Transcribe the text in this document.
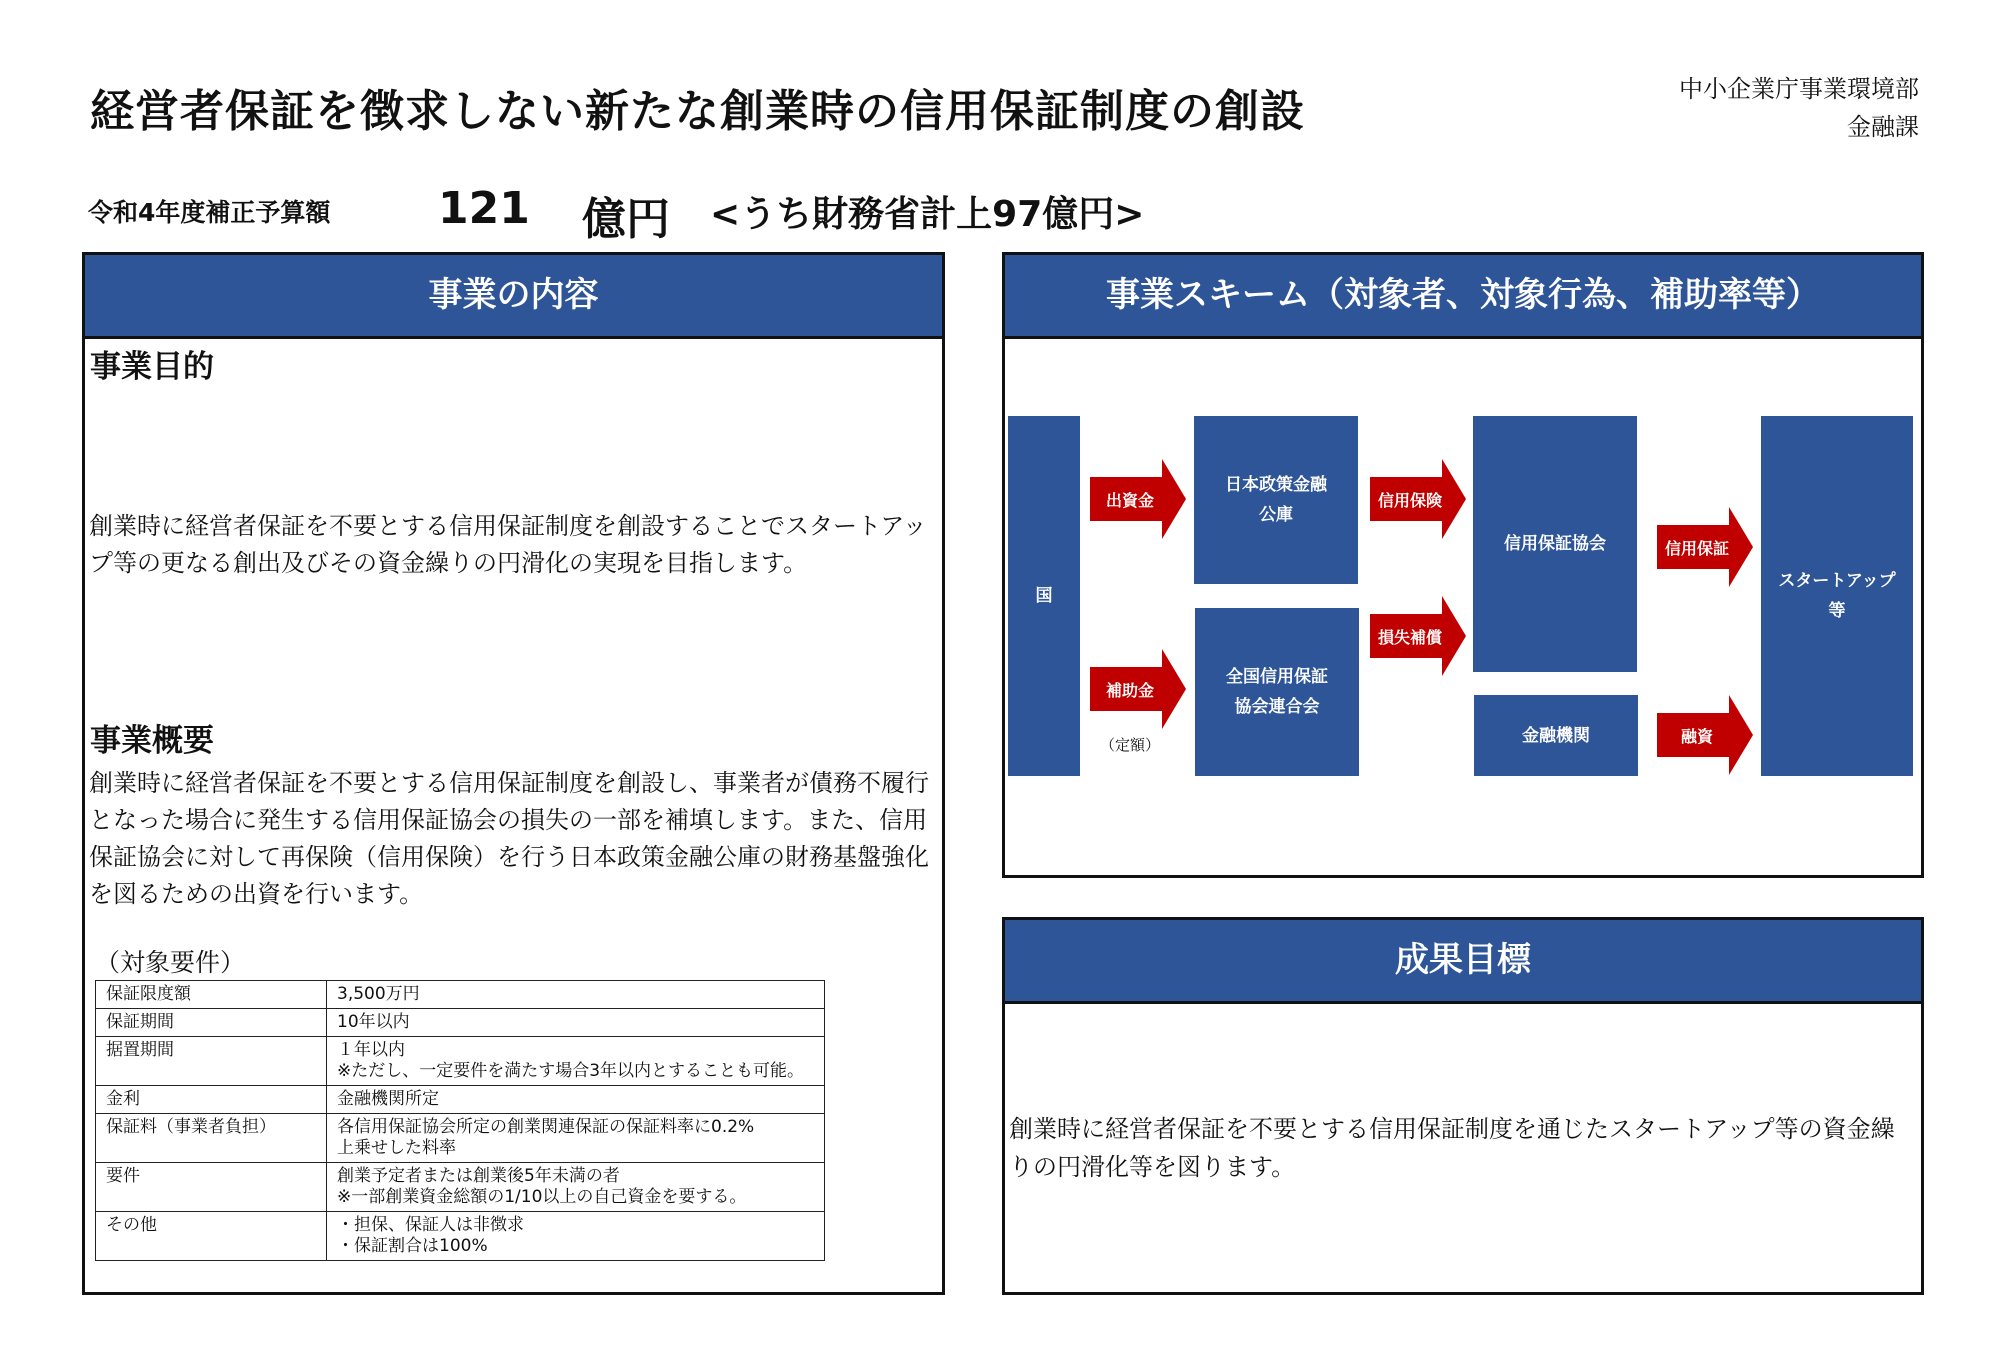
経営者保証を徴求しない新たな創業時の信用保証制度の創設	中小企業庁事業環境部
金融課
令和4年度補正予算額 121 億円 <うち財務省計上97億円>
事業の内容
事業目的
創業時に経営者保証を不要とする信用保証制度を創設することでスタートアップ等の更なる創出及びその資金繰りの円滑化の実現を目指します。
事業概要
創業時に経営者保証を不要とする信用保証制度を創設し、事業者が債務不履行となった場合に発生する信用保証協会の損失の一部を補填します。また、信用保証協会に対して再保険（信用保険）を行う日本政策金融公庫の財務基盤強化を図るための出資を行います。
（対象要件）
保証限度額	3,500万円

保証期間	10年以内

据置期間	１年以内
※ただし、一定要件を満たす場合3年以内とすることも可能。

金利	金融機関所定

保証料（事業者負担）	各信用保証協会所定の創業関連保証の保証料率に0.2%
上乗せした料率

要件	創業予定者または創業後5年未満の者
※一部創業資金総額の1/10以上の自己資金を要する。

その他	・担保、保証人は非徴求
・保証割合は100%
事業スキーム（対象者、対象行為、補助率等）
国
日本政策金融
公庫
全国信用保証
協会連合会
信用保証協会
金融機関
スタートアップ
等
出資金
補助金
（定額）
信用保険
損失補償
信用保証
融資
成果目標
創業時に経営者保証を不要とする信用保証制度を通じたスタートアップ等の資金繰りの円滑化等を図ります。
